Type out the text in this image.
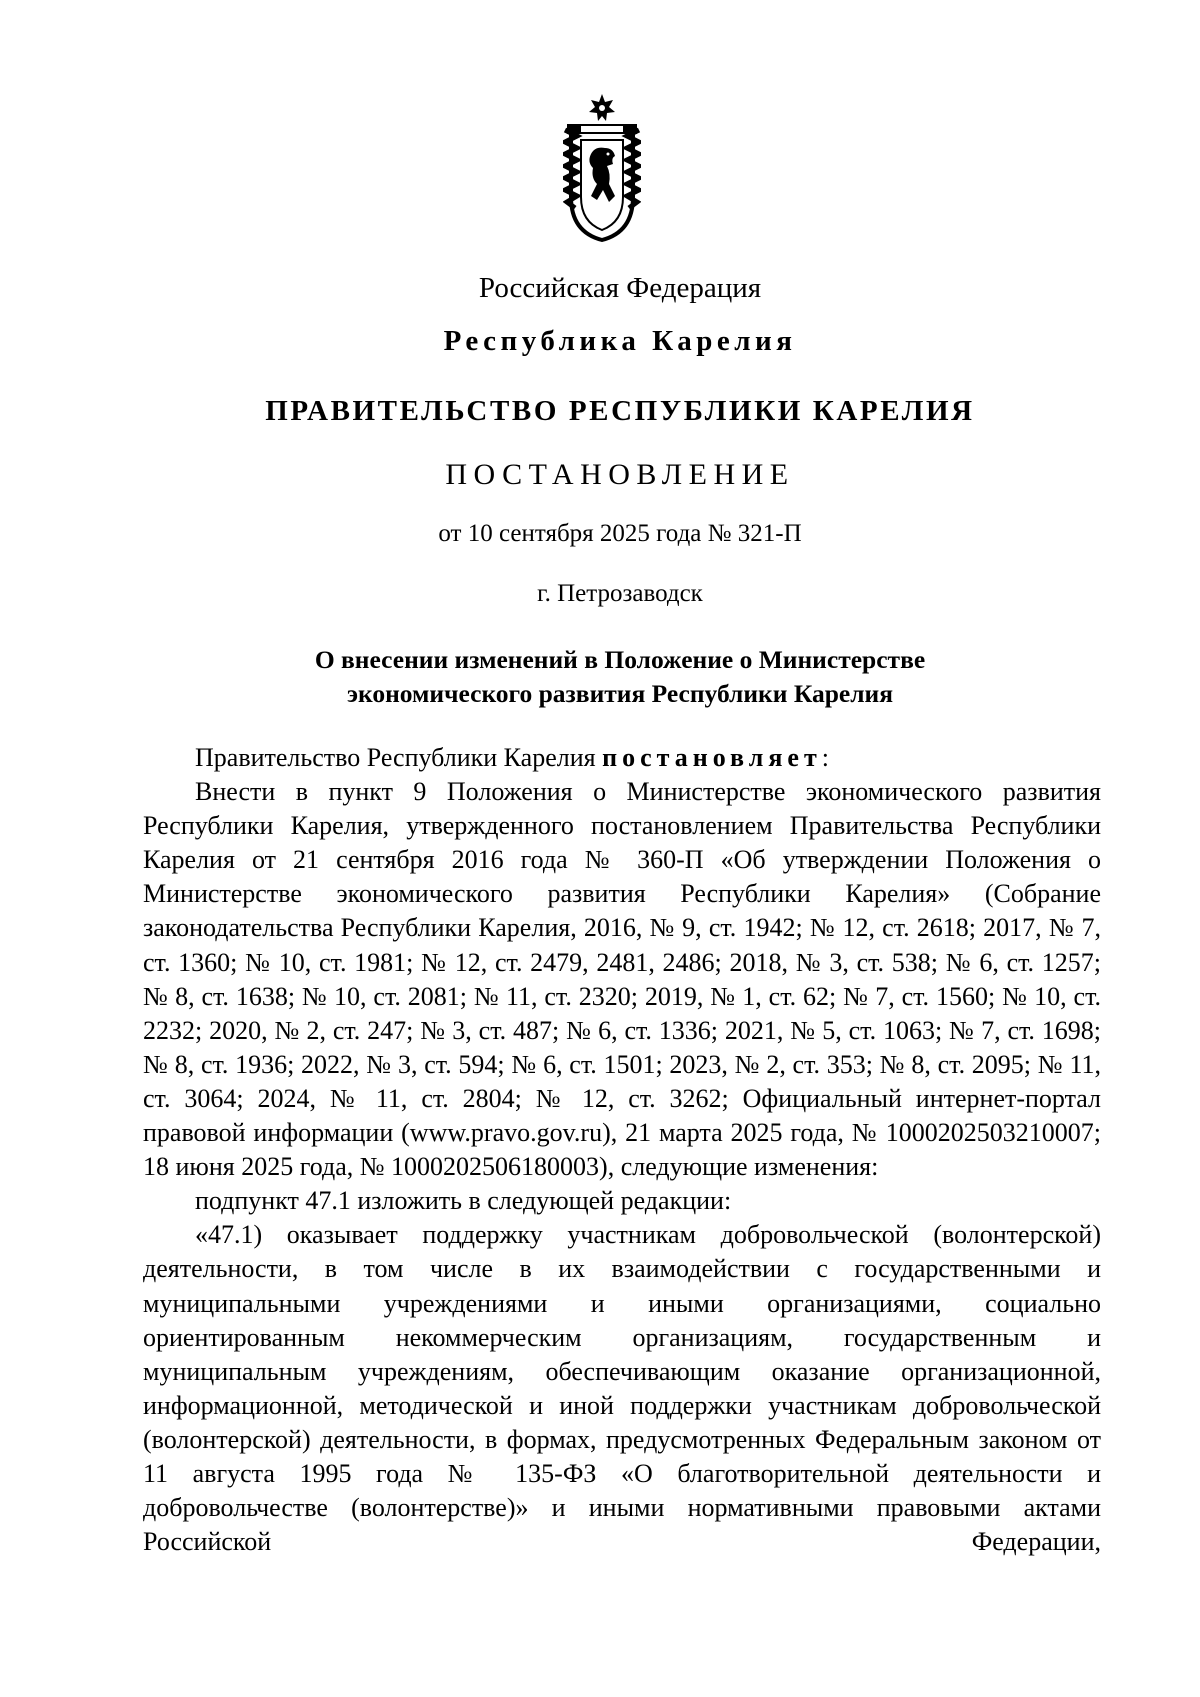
Российская Федерация
Республика Карелия
ПРАВИТЕЛЬСТВО РЕСПУБЛИКИ КАРЕЛИЯ
ПОСТАНОВЛЕНИЕ
от 10 сентября 2025 года № 321-П
г. Петрозаводск
О внесении изменений в Положение о Министерстве
экономического развития Республики Карелия

Правительство Республики Карелия постановляет:

Внести в пункт 9 Положения о Министерстве экономического развития Республики Карелия, утвержденного постановлением Правительства Республики Карелия от 21 сентября 2016 года № 360-П «Об утверждении Положения о Министерстве экономического развития Республики Карелия» (Собрание законодательства Республики Карелия, 2016, № 9, ст. 1942; № 12, ст. 2618; 2017, № 7, ст. 1360; № 10, ст. 1981; № 12, ст. 2479, 2481, 2486; 2018, № 3, ст. 538; № 6, ст. 1257; № 8, ст. 1638; № 10, ст. 2081; № 11, ст. 2320; 2019, № 1, ст. 62; № 7, ст. 1560; № 10, ст. 2232; 2020, № 2, ст. 247; № 3, ст. 487; № 6, ст. 1336; 2021, № 5, ст. 1063; № 7, ст. 1698; № 8, ст. 1936; 2022, № 3, ст. 594; № 6, ст. 1501; 2023, № 2, ст. 353; № 8, ст. 2095; № 11, ст. 3064; 2024, № 11, ст. 2804; № 12, ст. 3262; Официальный интернет-портал правовой информации (www.pravo.gov.ru), 21 марта 2025 года, № 1000202503210007; 18 июня 2025 года, № 1000202506180003), следующие изменения:

подпункт 47.1 изложить в следующей редакции:

«47.1) оказывает поддержку участникам добровольческой (волонтерской) деятельности, в том числе в их взаимодействии с государственными и муниципальными учреждениями и иными организациями, социально ориентированным некоммерческим организациям, государственным и муниципальным учреждениям, обеспечивающим оказание организационной, информационной, методической и иной поддержки участникам добровольческой (волонтерской) деятельности, в формах, предусмотренных Федеральным законом от 11 августа 1995 года № 135-ФЗ «О благотворительной деятельности и добровольчестве (волонтерстве)» и иными нормативными правовыми актами Российской Федерации,
